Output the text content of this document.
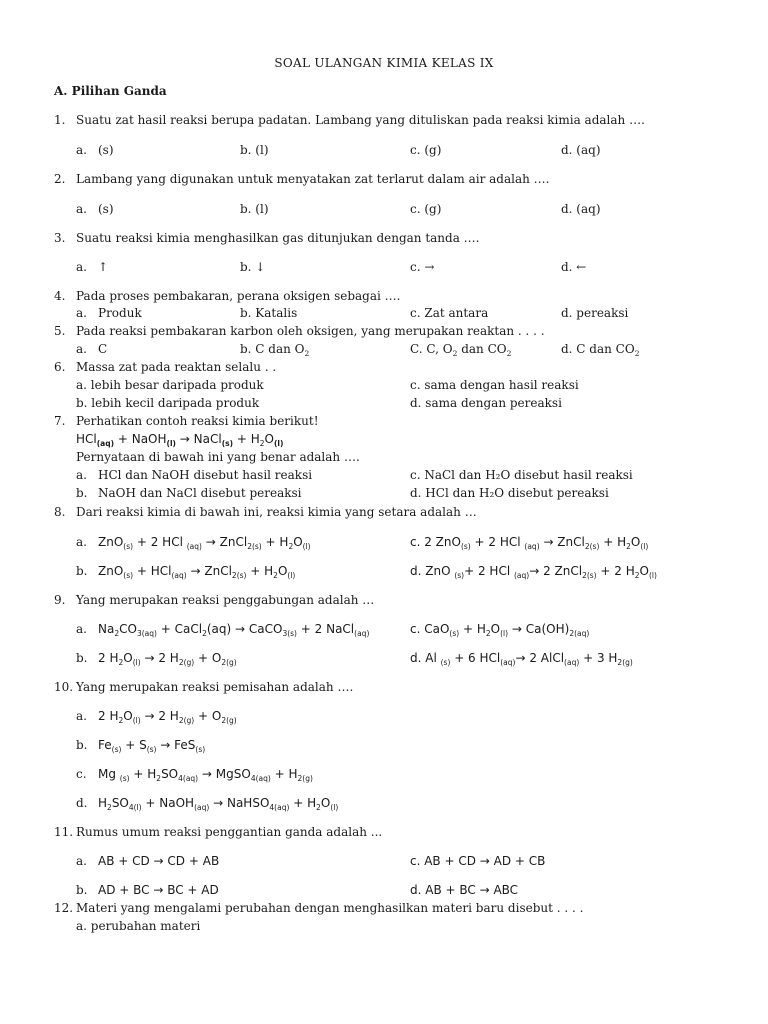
SOAL ULANGAN KIMIA KELAS IX
A. Pilihan Ganda
1. Suatu zat hasil reaksi berupa padatan. Lambang yang dituliskan pada reaksi kimia adalah ….
a. (s)	b. (l)	c. (g)	d. (aq)
2. Lambang yang digunakan untuk menyatakan zat terlarut dalam air adalah ….
a. (s)	b. (l)	c. (g)	d. (aq)
3. Suatu reaksi kimia menghasilkan gas ditunjukan dengan tanda ….
a. ↑	b. ↓	c. →	d. ←
4. Pada proses pembakaran, perana oksigen sebagai ….
a. Produk	b. Katalis	c. Zat antara	d. pereaksi
5. Pada reaksi pembakaran karbon oleh oksigen, yang merupakan reaktan . . . .
a. C	b. C dan $O_2$	C. C, $O_2$ dan $CO_2$	d. C dan $CO_2$
6. Massa zat pada reaktan selalu . .
a. lebih besar daripada produk	c. sama dengan hasil reaksi
b. lebih kecil daripada produk	d. sama dengan pereaksi
7. Perhatikan contoh reaksi kimia berikut!
HCl$_{(aq)}$ + NaOH$_{(l)}$ → NaCl$_{(s)}$ + $H_2O_{(l)}$
Pernyataan di bawah ini yang benar adalah ….
a. HCl dan NaOH disebut hasil reaksi	c. NaCl dan H₂O disebut hasil reaksi
b. NaOH dan NaCl disebut pereaksi	d. HCl dan H₂O disebut pereaksi
8. Dari reaksi kimia di bawah ini, reaksi kimia yang setara adalah …
a. ZnO$_{(s)}$ + 2 HCl $_{(aq)}$ → ZnCl$_{2(s)}$ + $H_2O_{(l)}$	c. 2 ZnO$_{(s)}$ + 2 HCl $_{(aq)}$ → ZnCl$_{2(s)}$ + $H_2O_{(l)}$
b. ZnO$_{(s)}$ + HCl$_{(aq)}$ → ZnCl$_{2(s)}$ + $H_2O_{(l)}$	d. ZnO $_{(s)}$+ 2 HCl $_{(aq)}$→ 2 ZnCl$_{2(s)}$ + 2 $H_2O_{(l)}$
9. Yang merupakan reaksi penggabungan adalah …
a. $Na_2CO_{3(aq)}$ + CaCl$_2$(aq) → CaCO$_{3(s)}$ + 2 NaCl$_{(aq)}$	c. $CaO_{(s)} + H_2O_{(l)} \to Ca(OH)_{2(aq)}$
b. 2 $H_2O_{(l)} \to 2$ $H_{2(g)} + O_{2(g)}$	d. Al $_{(s)}$ + 6 HCl$_{(aq)}$→ 2 AlCl$_{(aq)}$ + 3 $H_{2(g)}$
10. Yang merupakan reaksi pemisahan adalah ….
a. 2 $H_2O_{(l)} \to 2$ $H_{2(g)} + O_{2(g)}$
b. $Fe_{(s)} + S_{(s)} \to FeS_{(s)}$
c. Mg $_{(s)} + H_2SO_{4(aq)}$ → MgSO$_{4(aq)}$ + $H_{2(g)}$
d. $H_2SO_{4(l)}$ + NaOH$_{(aq)}$ → NaHSO$_{4(aq)}$ + $H_2O_{(l)}$
11. Rumus umum reaksi penggantian ganda adalah ...
a. AB + CD → CD + AB	c. AB + CD → AD + CB
b. AD + BC → BC + AD	d. AB + BC → ABC
12. Materi yang mengalami perubahan dengan menghasilkan materi baru disebut . . . .
a. perubahan materi
